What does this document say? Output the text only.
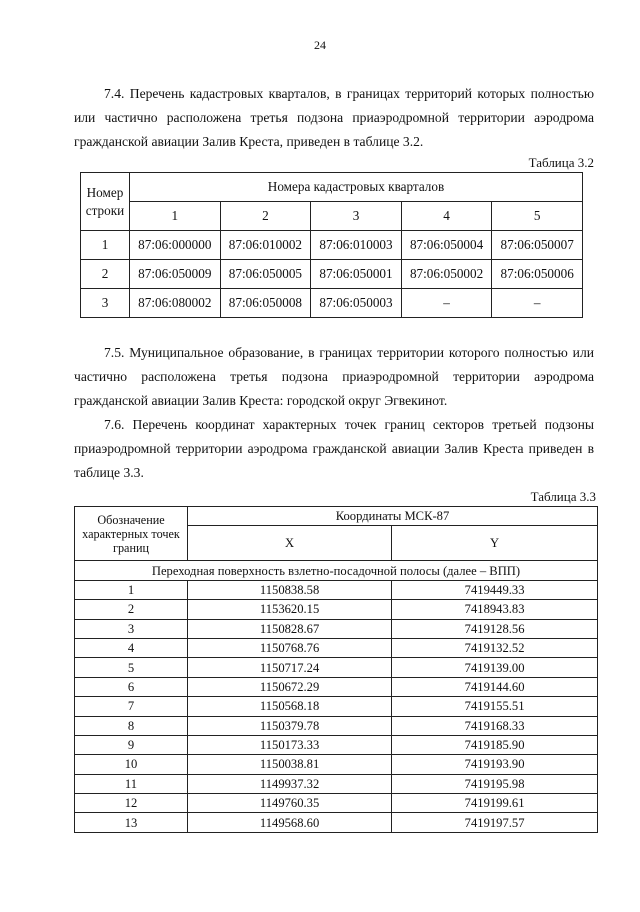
24
7.4. Перечень кадастровых кварталов, в границах территорий которых полностью или частично расположена третья подзона приаэродромной территории аэродрома гражданской авиации Залив Креста, приведен в таблице 3.2.
Таблица 3.2
Номер строки	Номера кадастровых кварталов				
	1	2	3	4	5
1	87:06:000000	87:06:010002	87:06:010003	87:06:050004	87:06:050007
2	87:06:050009	87:06:050005	87:06:050001	87:06:050002	87:06:050006
3	87:06:080002	87:06:050008	87:06:050003	–	–
7.5. Муниципальное образование, в границах территории которого полностью или частично расположена третья подзона приаэродромной территории аэродрома гражданской авиации Залив Креста: городской округ Эгвекинот.
7.6. Перечень координат характерных точек границ секторов третьей подзоны приаэродромной территории аэродрома гражданской авиации Залив Креста приведен в таблице 3.3.
Таблица 3.3
Обозначение характерных точек границ	Координаты МСК-87	
	X	Y
Переходная поверхность взлетно-посадочной полосы (далее – ВПП)		
1	1150838.58	7419449.33
2	1153620.15	7418943.83
3	1150828.67	7419128.56
4	1150768.76	7419132.52
5	1150717.24	7419139.00
6	1150672.29	7419144.60
7	1150568.18	7419155.51
8	1150379.78	7419168.33
9	1150173.33	7419185.90
10	1150038.81	7419193.90
11	1149937.32	7419195.98
12	1149760.35	7419199.61
13	1149568.60	7419197.57
